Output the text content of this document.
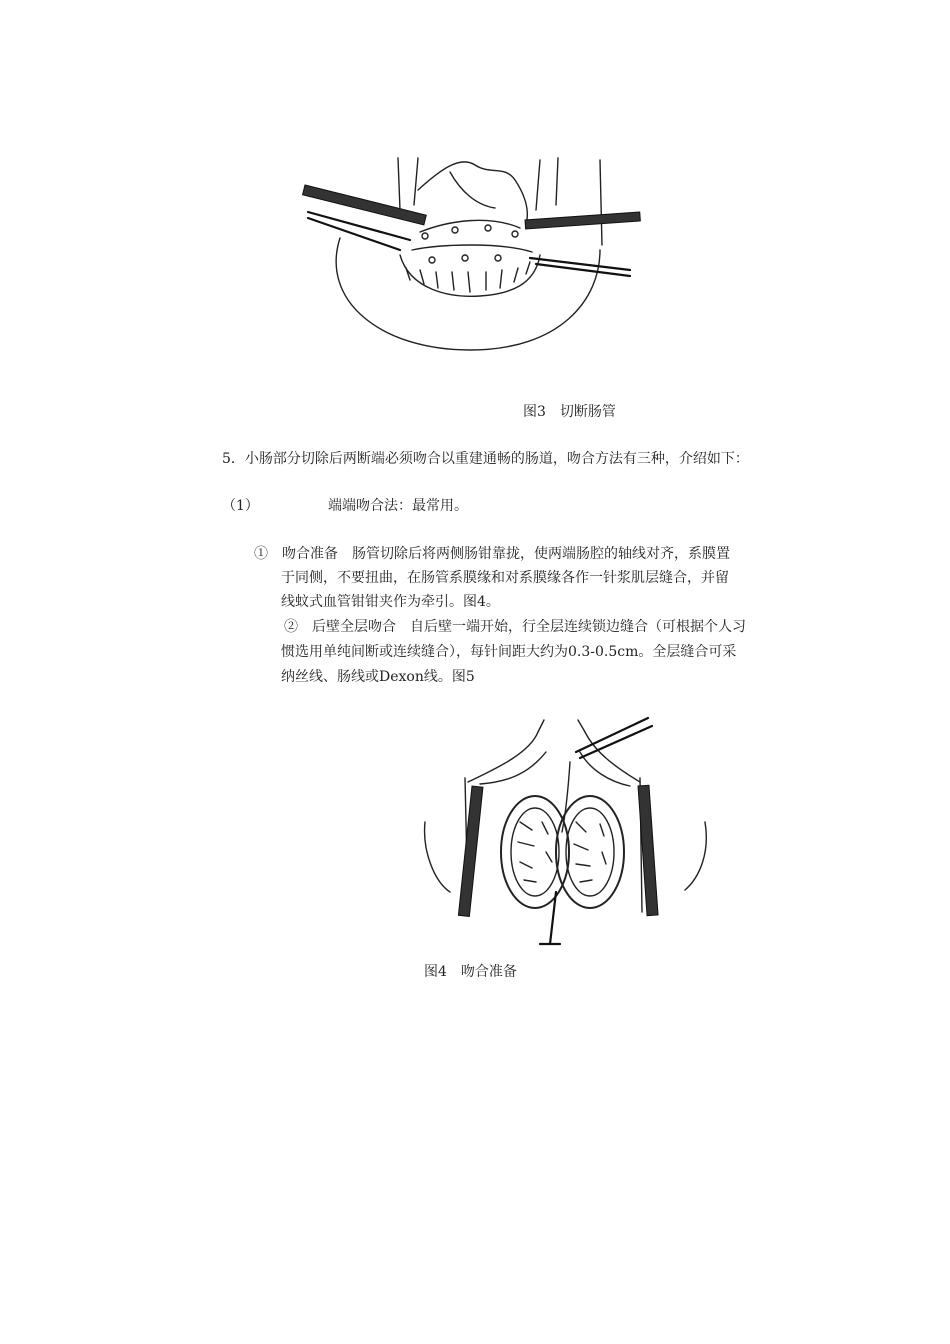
图3　切断肠管
5．小肠部分切除后两断端必须吻合以重建通畅的肠道，吻合方法有三种，介绍如下：
（1）	端端吻合法：最常用。
①　吻合准备　肠管切除后将两侧肠钳靠拢，使两端肠腔的轴线对齐，系膜置
于同侧，不要扭曲，在肠管系膜缘和对系膜缘各作一针浆肌层缝合，并留
线蚊式血管钳钳夹作为牵引。图4。
②　后壁全层吻合　自后壁一端开始，行全层连续锁边缝合（可根据个人习
惯选用单纯间断或连续缝合），每针间距大约为0.3-0.5cm。全层缝合可采
纳丝线、肠线或Dexon线。图5
图4　吻合准备
